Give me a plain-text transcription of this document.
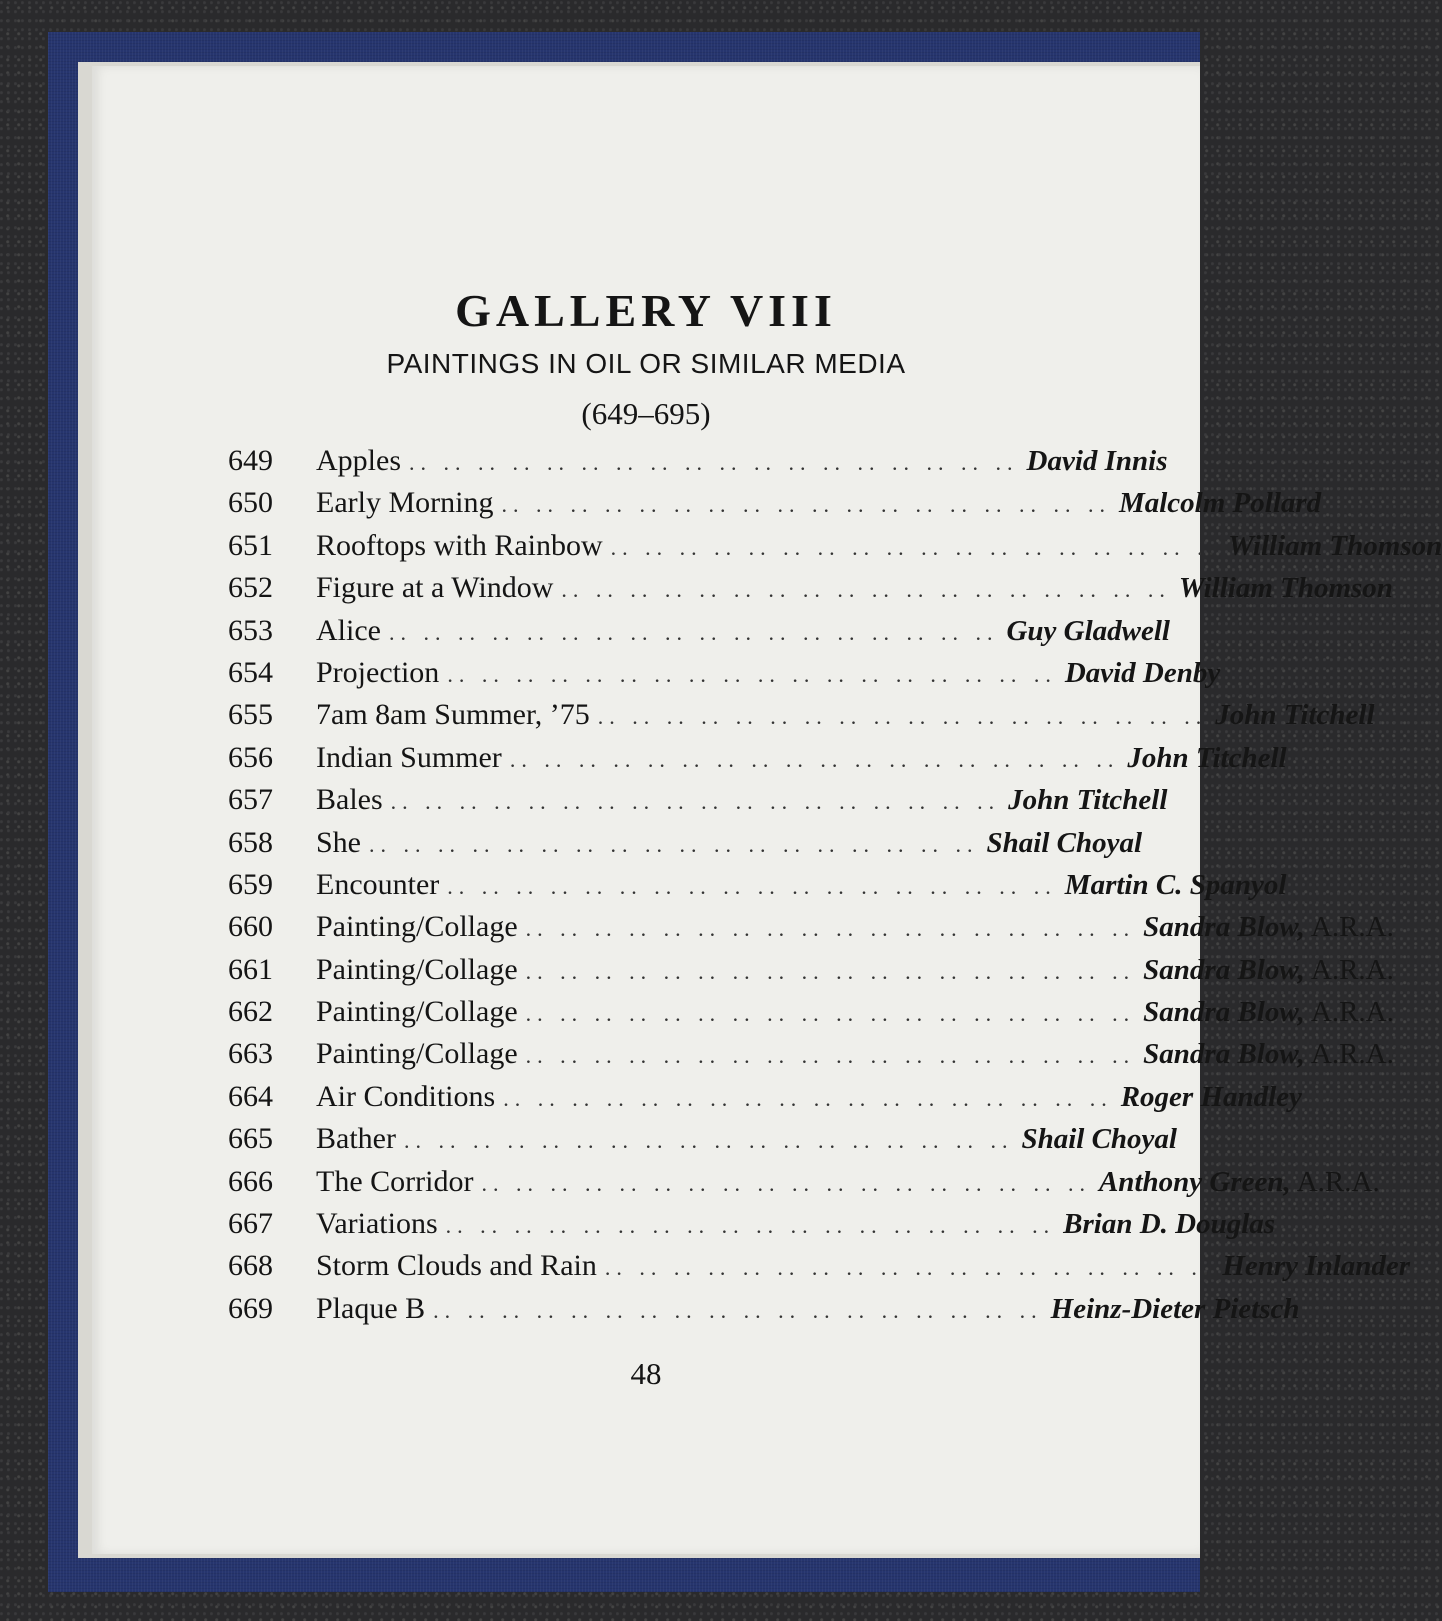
GALLERY VIII
PAINTINGS IN OIL OR SIMILAR MEDIA
(649–695)
649	Apples .. .. .. .. .. .. .. .. .. .. .. .. .. .. .. .. .. .. David Innis
650	Early Morning .. .. .. .. .. .. .. .. .. .. .. .. .. .. .. .. .. .. Malcolm Pollard
651	Rooftops with Rainbow .. .. .. .. .. .. .. .. .. .. .. .. .. .. .. .. .. .. William Thomson
652	Figure at a Window .. .. .. .. .. .. .. .. .. .. .. .. .. .. .. .. .. .. William Thomson
653	Alice .. .. .. .. .. .. .. .. .. .. .. .. .. .. .. .. .. .. Guy Gladwell
654	Projection .. .. .. .. .. .. .. .. .. .. .. .. .. .. .. .. .. .. David Denby
655	7am 8am Summer, ’75 .. .. .. .. .. .. .. .. .. .. .. .. .. .. .. .. .. .. John Titchell
656	Indian Summer .. .. .. .. .. .. .. .. .. .. .. .. .. .. .. .. .. .. John Titchell
657	Bales .. .. .. .. .. .. .. .. .. .. .. .. .. .. .. .. .. .. John Titchell
658	She .. .. .. .. .. .. .. .. .. .. .. .. .. .. .. .. .. .. Shail Choyal
659	Encounter .. .. .. .. .. .. .. .. .. .. .. .. .. .. .. .. .. .. Martin C. Spanyol
660	Painting/Collage .. .. .. .. .. .. .. .. .. .. .. .. .. .. .. .. .. .. Sandra Blow, A.R.A.
661	Painting/Collage .. .. .. .. .. .. .. .. .. .. .. .. .. .. .. .. .. .. Sandra Blow, A.R.A.
662	Painting/Collage .. .. .. .. .. .. .. .. .. .. .. .. .. .. .. .. .. .. Sandra Blow, A.R.A.
663	Painting/Collage .. .. .. .. .. .. .. .. .. .. .. .. .. .. .. .. .. .. Sandra Blow, A.R.A.
664	Air Conditions .. .. .. .. .. .. .. .. .. .. .. .. .. .. .. .. .. .. Roger Handley
665	Bather .. .. .. .. .. .. .. .. .. .. .. .. .. .. .. .. .. .. Shail Choyal
666	The Corridor .. .. .. .. .. .. .. .. .. .. .. .. .. .. .. .. .. .. Anthony Green, A.R.A.
667	Variations .. .. .. .. .. .. .. .. .. .. .. .. .. .. .. .. .. .. Brian D. Douglas
668	Storm Clouds and Rain .. .. .. .. .. .. .. .. .. .. .. .. .. .. .. .. .. .. Henry Inlander
669	Plaque B .. .. .. .. .. .. .. .. .. .. .. .. .. .. .. .. .. .. Heinz-Dieter Pietsch
48
